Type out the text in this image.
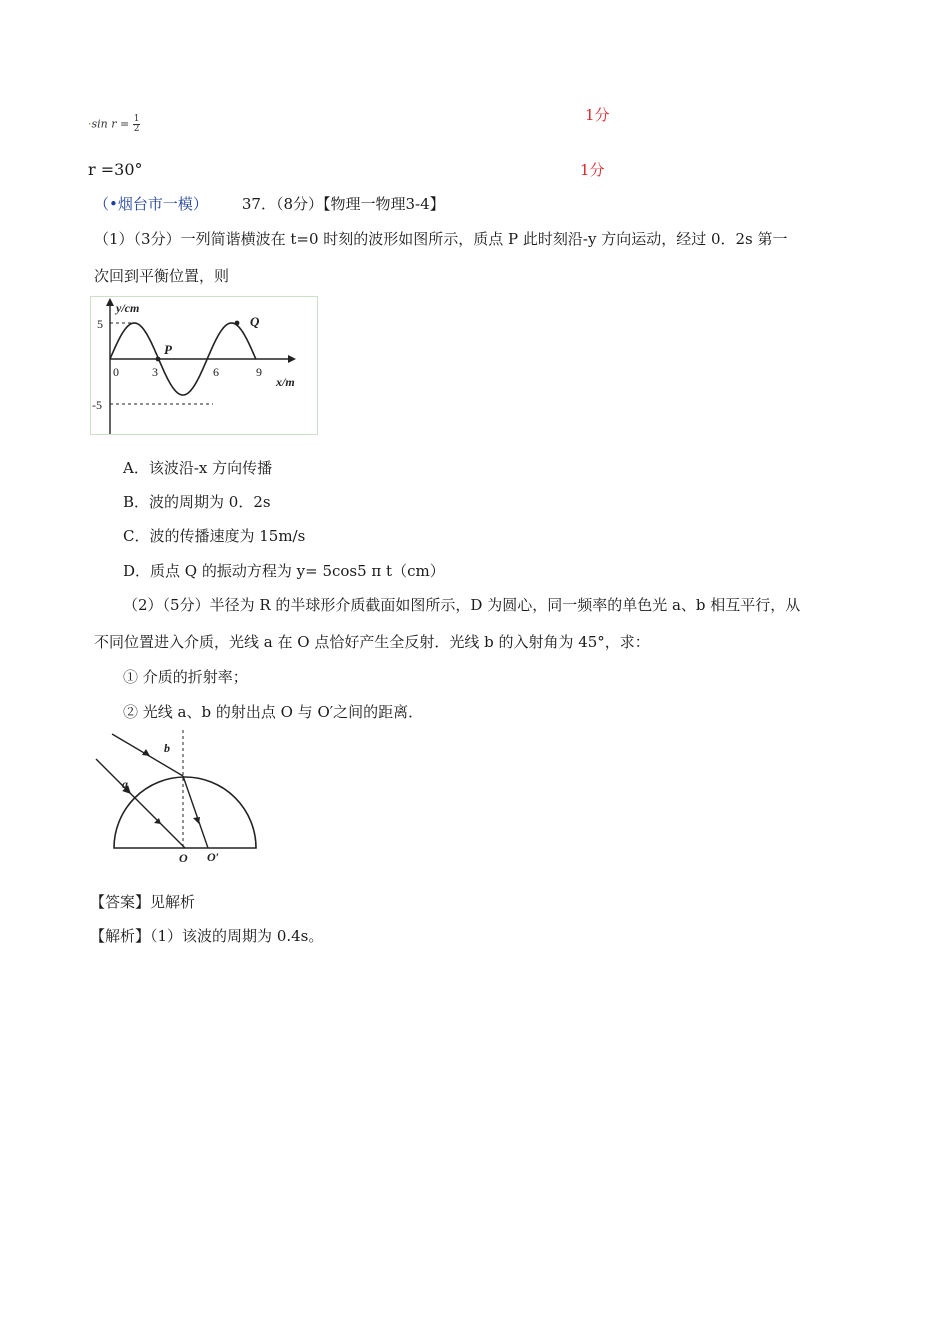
·sin $r = \frac{1}{2}$	1分
r =30°	1分
（•烟台市一模） 37．（8分）【物理一物理3-4】
（1）（3分）一列简谐横波在 t=0 时刻的波形如图所示，质点 P 此时刻沿-y 方向运动，经过 0．2s 第一
次回到平衡位置，则
y/cm
x/m
5
-5
0	3	6	9
P
Q
A．该波沿-x 方向传播
B．波的周期为 0．2s
C．波的传播速度为 15m/s
D．质点 Q 的振动方程为 y= 5cos5 π t（cm）
（2）（5分）半径为 R 的半球形介质截面如图所示，D 为圆心，同一频率的单色光 a、b 相互平行，从
不同位置进入介质，光线 a 在 O 点恰好产生全反射．光线 b 的入射角为 45°，求：
① 介质的折射率；
② 光线 a、b 的射出点 O 与 O′之间的距离．
b
a
O O′
【答案】见解析
【解析】（1）该波的周期为 0.4s。
